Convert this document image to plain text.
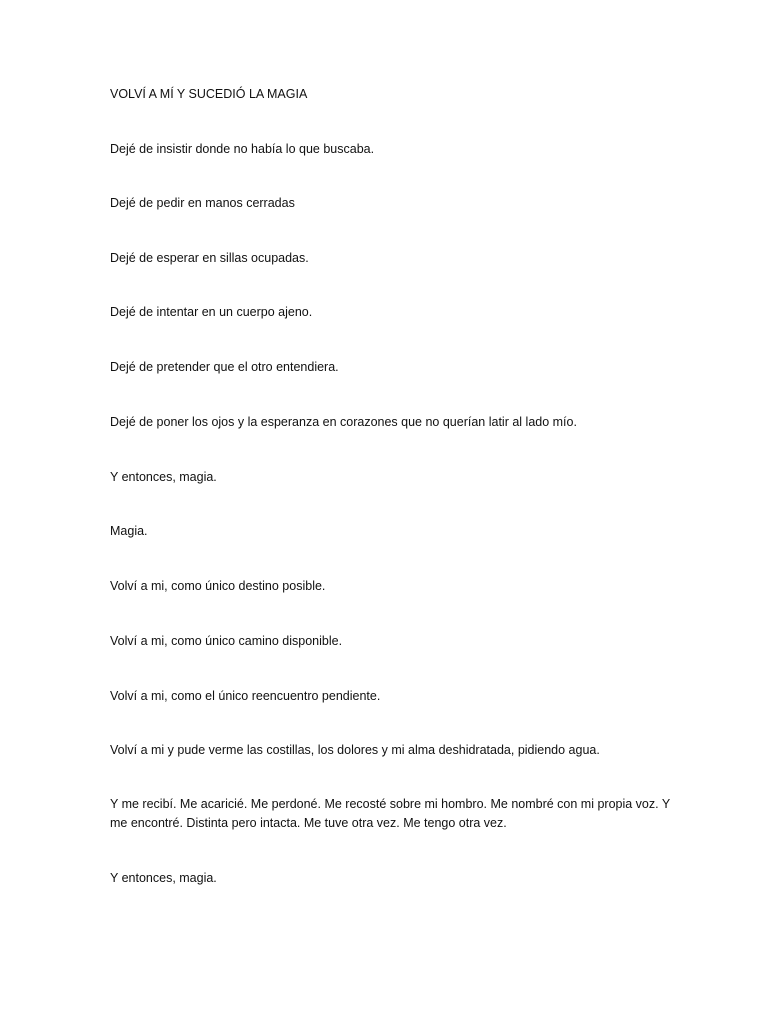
VOLVÍ A MÍ Y SUCEDIÓ LA MAGIA

Dejé de insistir donde no había lo que buscaba.

Dejé de pedir en manos cerradas

Dejé de esperar en sillas ocupadas.

Dejé de intentar en un cuerpo ajeno.

Dejé de pretender que el otro entendiera.

Dejé de poner los ojos y la esperanza en corazones que no querían latir al lado mío.

Y entonces, magia.

Magia.

Volví a mi, como único destino posible.

Volví a mi, como único camino disponible.

Volví a mi, como el único reencuentro pendiente.

Volví a mi y pude verme las costillas, los dolores y mi alma deshidratada, pidiendo agua.

Y me recibí. Me acaricié. Me perdoné. Me recosté sobre mi hombro. Me nombré con mi propia voz. Y me encontré. Distinta pero intacta. Me tuve otra vez. Me tengo otra vez.

Y entonces, magia.
